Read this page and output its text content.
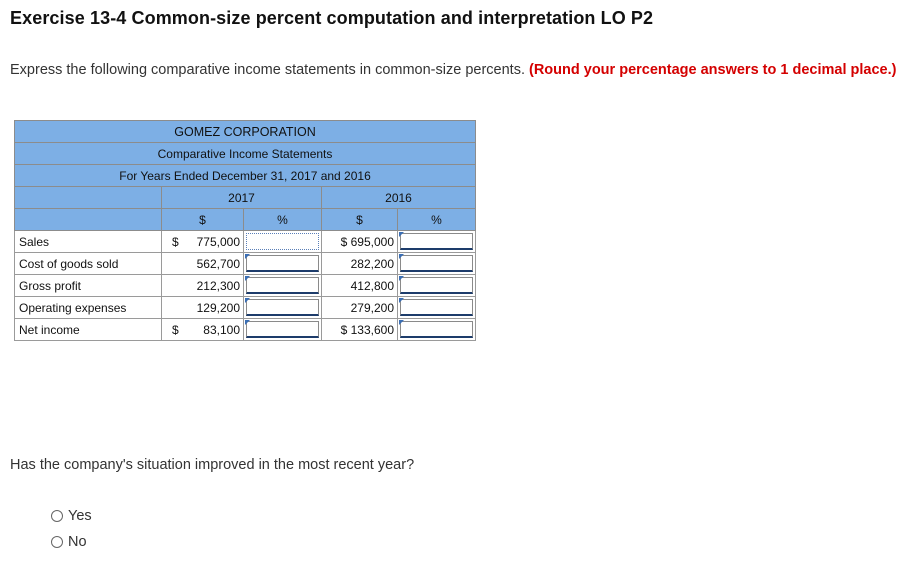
Exercise 13-4 Common-size percent computation and interpretation LO P2
Express the following comparative income statements in common-size percents. (Round your percentage answers to 1 decimal place.)
GOMEZ CORPORATION				
Comparative Income Statements				
For Years Ended December 31, 2017 and 2016				
	2017		2016	
	$	%	$	%
Sales	$ 775,000		$ 695,000	

Cost of goods sold	562,700		282,200	

Gross profit	212,300		412,800	

Operating expenses	129,200		279,200	

Net income	$ 83,100		$ 133,600	
Has the company's situation improved in the most recent year?
Yes
No
